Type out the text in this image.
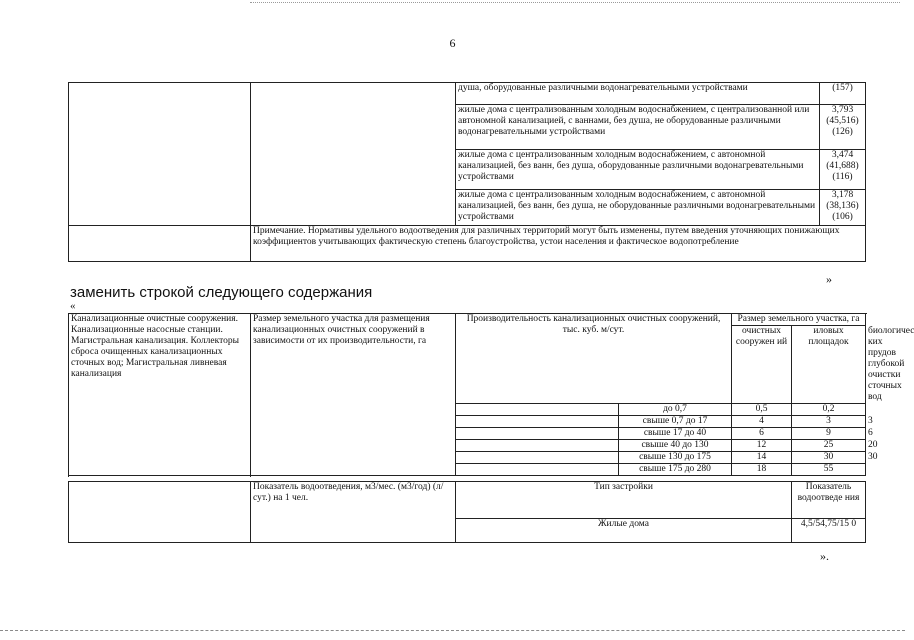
6
		душа, оборудованные различными водонагревательными устройствами	(157)

		жилые дома с централизованным холодным водоснабжением, с централизованной или автономной канализацией, с ваннами, без душа, не оборудованные различными водонагревательными устройствами	3,793
(45,516)
(126)

		жилые дома с централизованным холодным водоснабжением, с автономной канализацией, без ванн, без душа, оборудованные различными водонагревательными устройствами	3,474
(41,688)
(116)

		жилые дома с централизованным холодным водоснабжением, с автономной канализацией, без ванн, без душа, не оборудованные различными водонагревательными устройствами	3,178
(38,136)
(106)

	Примечание. Нормативы удельного водоотведения для различных территорий могут быть изменены, путем введения уточняющих понижающих коэффициентов учитывающих фактическую степень благоустройства, устои населения и фактическое водопотребление		
»
заменить строкой следующего содержания
«
Канализационные очистные сооружения. Канализационные насосные станции. Магистральная канализация. Коллекторы сброса очищенных канализационных сточных вод; Магистральная ливневая канализация	Размер земельного участка для размещения канализационных очистных сооружений в зависимости от их производительности, га	Производительность канализационных очистных сооружений, тыс. куб. м/сут.		Размер земельного участка, га		
				очистных сооружен ий	иловых площадок	биологичес ких прудов глубокой очистки сточных вод
			до 0,7	0,5	0,2	
			свыше 0,7 до 17	4	3	3
			свыше 17 до 40	6	9	6
			свыше 40 до 130	12	25	20
			свыше 130 до 175	14	30	30
			свыше 175 до 280	18	55	

	Показатель водоотведения, м3/мес. (м3/год) (л/сут.) на 1 чел.	Тип застройки	Показатель водоотведе ния
		Жилые дома	4,5/54,75/15 0
».
